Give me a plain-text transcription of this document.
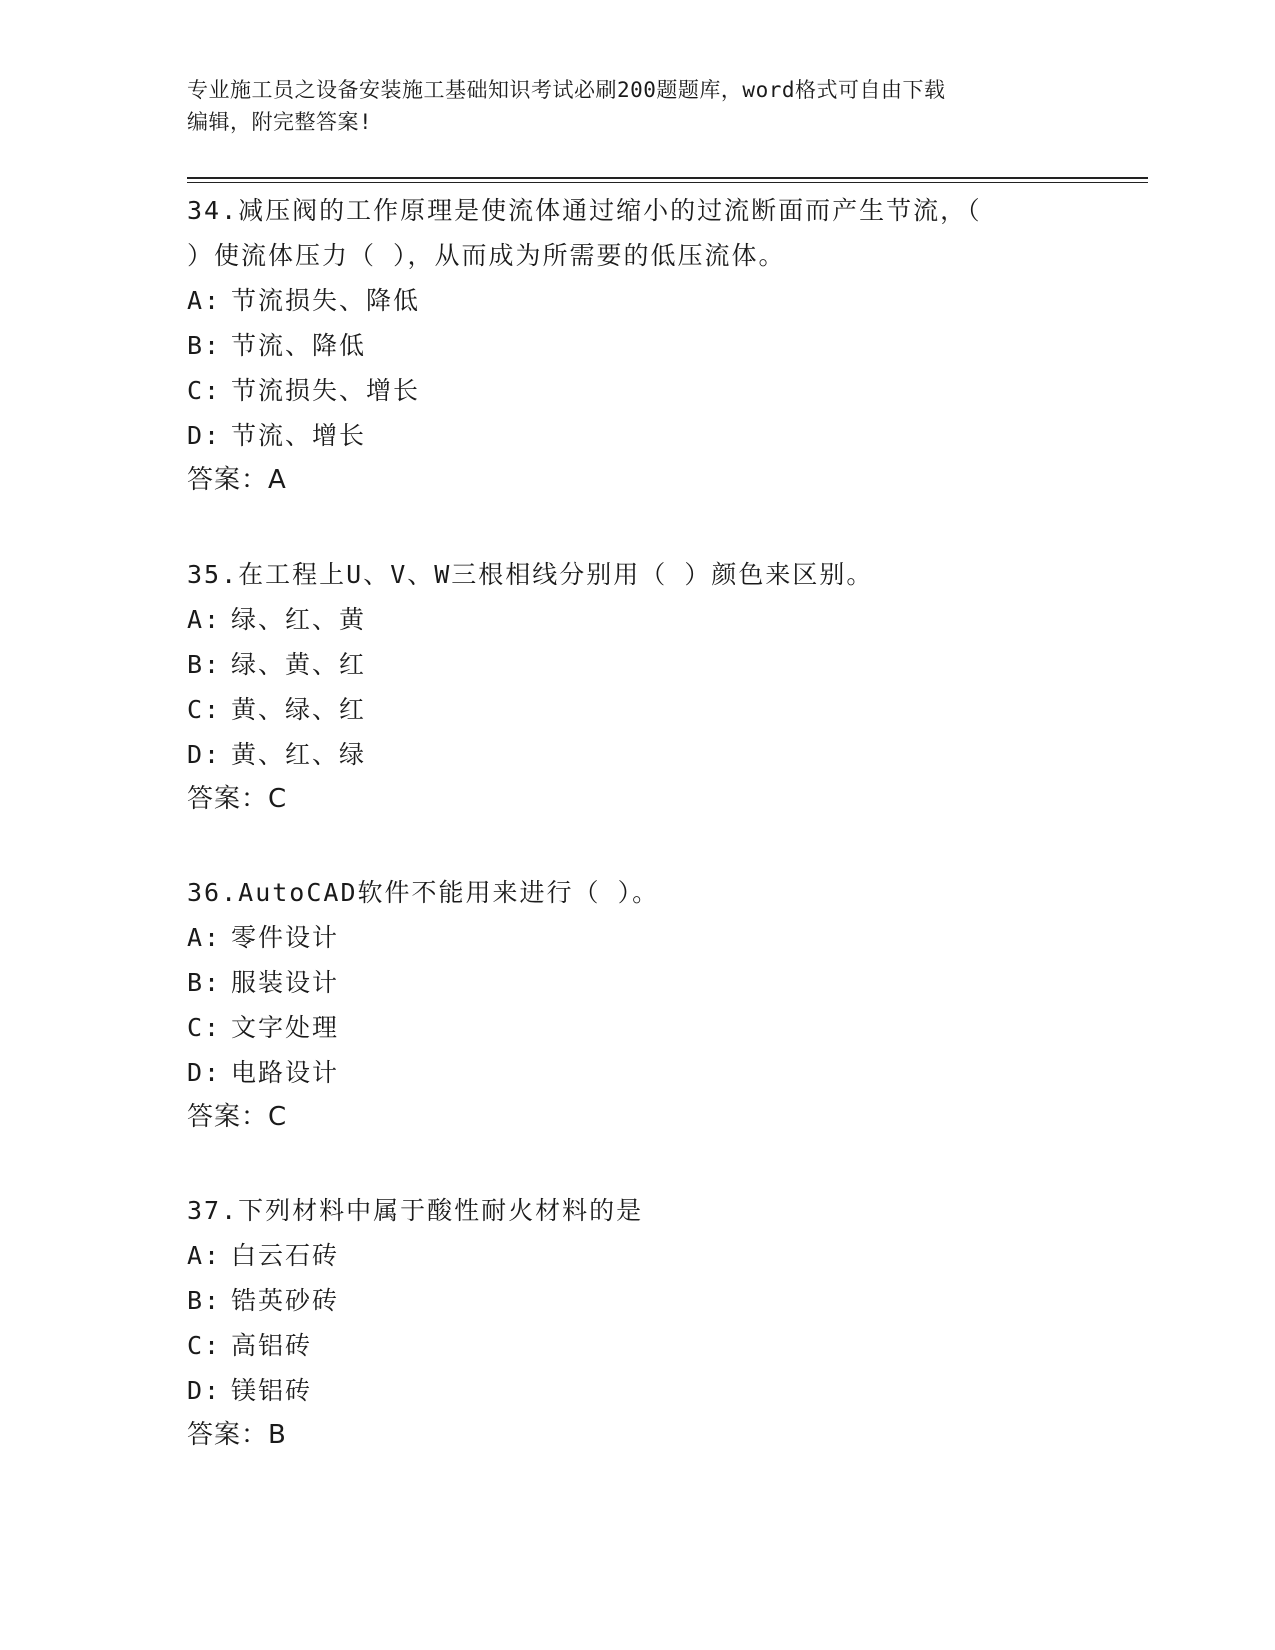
专业施工员之设备安装施工基础知识考试必刷200题题库，word格式可自由下载
编辑，附完整答案!

34.减压阀的工作原理是使流体通过缩小的过流断面而产生节流，（

）使流体压力（ ），从而成为所需要的低压流体。

A: 节流损失、降低

B: 节流、降低

C: 节流损失、增长

D: 节流、增长

答案：A

35.在工程上U、V、W三根相线分别用（ ）颜色来区别。

A: 绿、红、黄

B: 绿、黄、红

C: 黄、绿、红

D: 黄、红、绿

答案：C

36.AutoCAD软件不能用来进行（ ）。

A: 零件设计

B: 服装设计

C: 文字处理

D: 电路设计

答案：C

37.下列材料中属于酸性耐火材料的是

A: 白云石砖

B: 锆英砂砖

C: 高铝砖

D: 镁铝砖

答案：B
